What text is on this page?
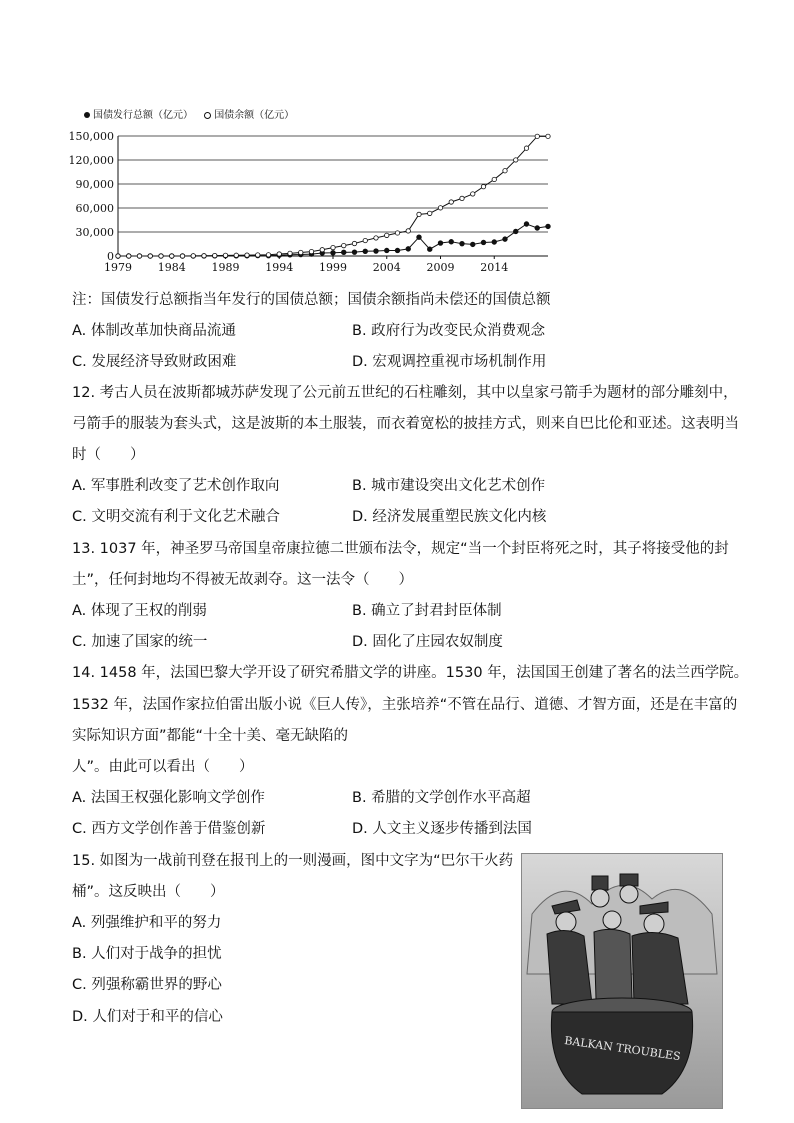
国债发行总额（亿元） 国债余额（亿元）
150,000
120,000
90,000
60,000
30,000
0
1979 1984 1989 1994 1999 2004 2009 2014
注：国债发行总额指当年发行的国债总额；国债余额指尚未偿还的国债总额
A. 体制改革加快商品流通	B. 政府行为改变民众消费观念
C. 发展经济导致财政困难	D. 宏观调控重视市场机制作用
12. 考古人员在波斯都城苏萨发现了公元前五世纪的石柱雕刻，其中以皇家弓箭手为题材的部分雕刻中，
弓箭手的服装为套头式，这是波斯的本土服装，而衣着宽松的披挂方式，则来自巴比伦和亚述。这表明当
时（　　）
A. 军事胜利改变了艺术创作取向	B. 城市建设突出文化艺术创作
C. 文明交流有利于文化艺术融合	D. 经济发展重塑民族文化内核
13. 1037 年，神圣罗马帝国皇帝康拉德二世颁布法令，规定“当一个封臣将死之时，其子将接受他的封
土”，任何封地均不得被无故剥夺。这一法令（　　）
A. 体现了王权的削弱	B. 确立了封君封臣体制
C. 加速了国家的统一	D. 固化了庄园农奴制度
14. 1458 年，法国巴黎大学开设了研究希腊文学的讲座。1530 年，法国国王创建了著名的法兰西学院。
1532 年，法国作家拉伯雷出版小说《巨人传》，主张培养“不管在品行、道德、才智方面，还是在丰富的
实际知识方面”都能“十全十美、毫无缺陷的
人”。由此可以看出（　　）
A. 法国王权强化影响文学创作	B. 希腊的文学创作水平高超
C. 西方文学创作善于借鉴创新	D. 人文主义逐步传播到法国
15. 如图为一战前刊登在报刊上的一则漫画，图中文字为“巴尔干火药
桶”。这反映出（　　）
A. 列强维护和平的努力
B. 人们对于战争的担忧
C. 列强称霸世界的野心
D. 人们对于和平的信心
BALKAN TROUBLES
